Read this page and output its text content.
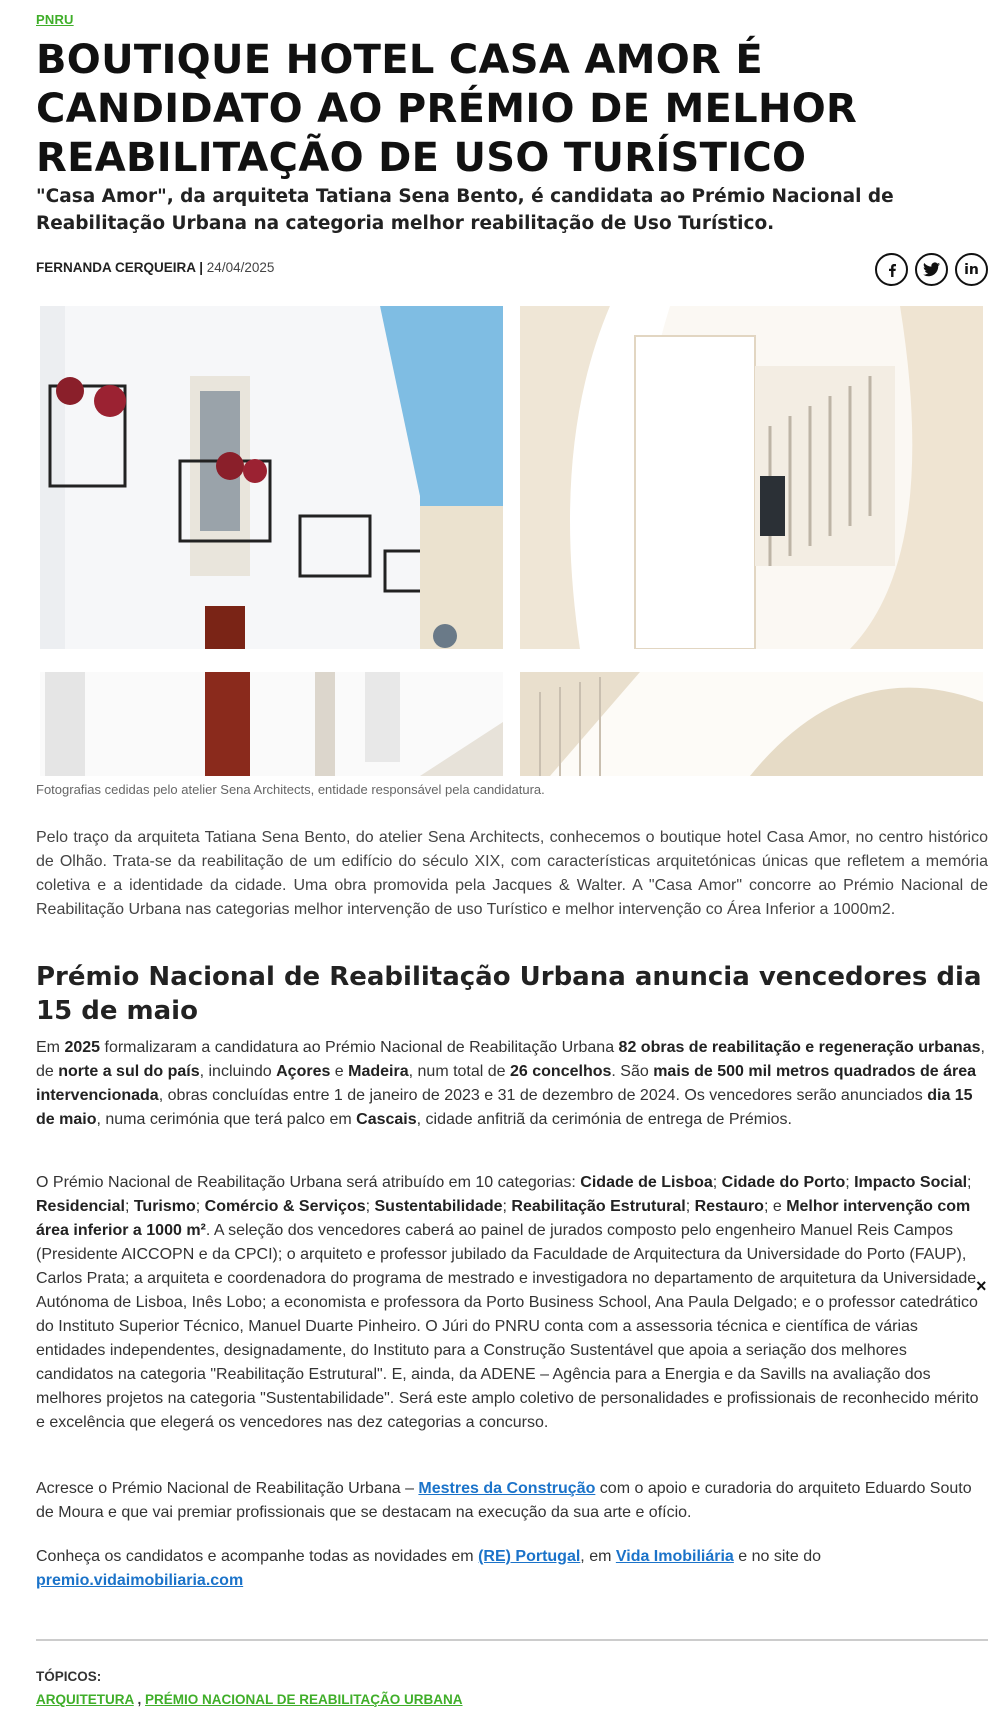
PNRU
BOUTIQUE HOTEL CASA AMOR É CANDIDATO AO PRÉMIO DE MELHOR REABILITAÇÃO DE USO TURÍSTICO

"Casa Amor", da arquiteta Tatiana Sena Bento, é candidata ao Prémio Nacional de Reabilitação Urbana na categoria melhor reabilitação de Uso Turístico.

FERNANDA CERQUEIRA | 24/04/2025	in
Fotografias cedidas pelo atelier Sena Architects, entidade responsável pela candidatura.

Pelo traço da arquiteta Tatiana Sena Bento, do atelier Sena Architects, conhecemos o boutique hotel Casa Amor, no centro histórico de Olhão. Trata-se da reabilitação de um edifício do século XIX, com características arquitetónicas únicas que refletem a memória coletiva e a identidade da cidade. Uma obra promovida pela Jacques & Walter. A "Casa Amor" concorre ao Prémio Nacional de Reabilitação Urbana nas categorias melhor intervenção de uso Turístico e melhor intervenção co Área Inferior a 1000m2.

Prémio Nacional de Reabilitação Urbana anuncia vencedores dia 15 de maio

Em 2025 formalizaram a candidatura ao Prémio Nacional de Reabilitação Urbana 82 obras de reabilitação e regeneração urbanas, de norte a sul do país, incluindo Açores e Madeira, num total de 26 concelhos. São mais de 500 mil metros quadrados de área intervencionada, obras concluídas entre 1 de janeiro de 2023 e 31 de dezembro de 2024. Os vencedores serão anunciados dia 15 de maio, numa cerimónia que terá palco em Cascais, cidade anfitriã da cerimónia de entrega de Prémios.

O Prémio Nacional de Reabilitação Urbana será atribuído em 10 categorias: Cidade de Lisboa; Cidade do Porto; Impacto Social; Residencial; Turismo; Comércio & Serviços; Sustentabilidade; Reabilitação Estrutural; Restauro; e Melhor intervenção com área inferior a 1000 m². A seleção dos vencedores caberá ao painel de jurados composto pelo engenheiro Manuel Reis Campos (Presidente AICCOPN e da CPCI); o arquiteto e professor jubilado da Faculdade de Arquitectura da Universidade do Porto (FAUP), Carlos Prata; a arquiteta e coordenadora do programa de mestrado e investigadora no departamento de arquitetura da Universidade Autónoma de Lisboa, Inês Lobo; a economista e professora da Porto Business School, Ana Paula Delgado; e o professor catedrático do Instituto Superior Técnico, Manuel Duarte Pinheiro. O Júri do PNRU conta com a assessoria técnica e científica de várias entidades independentes, designadamente, do Instituto para a Construção Sustentável que apoia a seriação dos melhores candidatos na categoria "Reabilitação Estrutural". E, ainda, da ADENE – Agência para a Energia e da Savills na avaliação dos melhores projetos na categoria "Sustentabilidade". Será este amplo coletivo de personalidades e profissionais de reconhecido mérito e excelência que elegerá os vencedores nas dez categorias a concurso.

Acresce o Prémio Nacional de Reabilitação Urbana – Mestres da Construção com o apoio e curadoria do arquiteto Eduardo Souto de Moura e que vai premiar profissionais que se destacam na execução da sua arte e ofício.

Conheça os candidatos e acompanhe todas as novidades em (RE) Portugal, em Vida Imobiliária e no site do premio.vidaimobiliaria.com

×
TÓPICOS:
ARQUITETURA , PRÉMIO NACIONAL DE REABILITAÇÃO URBANA
